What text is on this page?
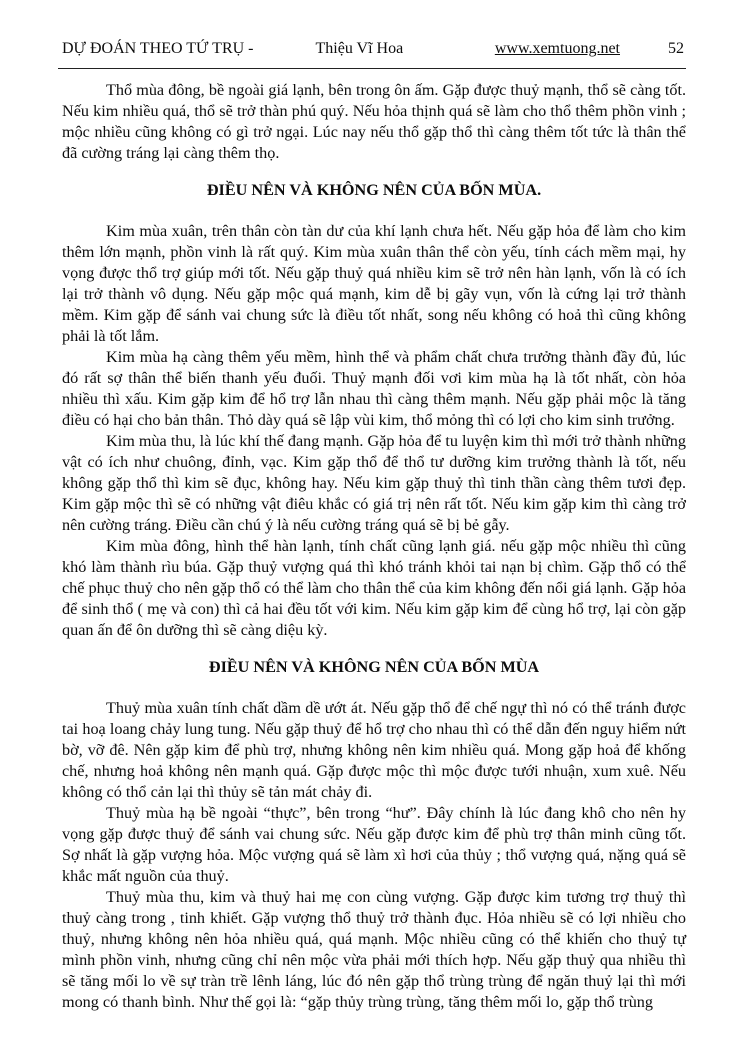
DỰ ĐOÁN THEO TỨ TRỤ -	Thiệu Vĩ Hoa	www.xemtuong.net	52

Thổ mùa đông, bề ngoài giá lạnh, bên trong ôn ấm. Gặp được thuỷ mạnh, thổ sẽ càng tốt. Nếu kim nhiều quá, thổ sẽ trở thàn phú quý. Nếu hỏa thịnh quá sẽ làm cho thổ thêm phồn vinh ; mộc nhiều cũng không có gì trở ngại. Lúc nay nếu thổ gặp thổ thì càng thêm tốt tức là thân thể đã cường tráng lại càng thêm thọ.

ĐIỀU NÊN VÀ KHÔNG NÊN CỦA BỐN MÙA.

Kim mùa xuân, trên thân còn tàn dư của khí lạnh chưa hết. Nếu gặp hỏa để làm cho kim thêm lớn mạnh, phồn vinh là rất quý. Kim mùa xuân thân thể còn yếu, tính cách mềm mại, hy vọng được thổ trợ giúp mới tốt. Nếu gặp thuỷ quá nhiều kim sẽ trở nên hàn lạnh, vốn là có ích lại trở thành vô dụng. Nếu gặp mộc quá mạnh, kim dễ bị gãy vụn, vốn là cứng lại trở thành mềm. Kim gặp để sánh vai chung sức là điều tốt nhất, song nếu không có hoả thì cũng không phải là tốt lắm.

Kim mùa hạ càng thêm yếu mềm, hình thể và phẩm chất chưa trưởng thành đầy đủ, lúc đó rất sợ thân thể biến thanh yếu đuối. Thuỷ mạnh đối vơi kim mùa hạ là tốt nhất, còn hỏa nhiều thì xấu. Kim gặp kim để hổ trợ lẫn nhau thì càng thêm mạnh. Nếu gặp phải mộc là tăng điều có hại cho bản thân. Thỏ dày quá sẽ lập vùi kim, thổ mỏng thì có lợi cho kim sinh trưởng.

Kim mùa thu, là lúc khí thế đang mạnh. Gặp hỏa để tu luyện kim thì mới trở thành những vật có ích như chuông, đỉnh, vạc. Kim gặp thổ để thổ tư dưỡng kim trưởng thành là tốt, nếu không gặp thổ thì kim sẽ đục, không hay. Nếu kim gặp thuỷ thì tinh thần càng thêm tươi đẹp. Kim gặp mộc thì sẽ có những vật điêu khắc có giá trị nên rất tốt. Nếu kim gặp kim thì càng trở nên cường tráng. Điều cần chú ý là nếu cường tráng quá sẽ bị bẻ gẫy.

Kim mùa đông, hình thể hàn lạnh, tính chất cũng lạnh giá. nếu gặp mộc nhiều thì cũng khó làm thành rìu búa. Gặp thuỷ vượng quá thì khó tránh khỏi tai nạn bị chìm. Gặp thổ có thể chế phục thuỷ cho nên gặp thổ có thể làm cho thân thể của kim không đến nổi giá lạnh. Gặp hỏa để sinh thổ ( mẹ và con) thì cả hai đều tốt với kim. Nếu kim gặp kim để cùng hổ trợ, lại còn gặp quan ấn để ôn dưỡng thì sẽ càng diệu kỳ.

ĐIỀU NÊN VÀ KHÔNG NÊN CỦA BỐN MÙA

Thuỷ mùa xuân tính chất dầm dề ướt át. Nếu gặp thổ để chế ngự thì nó có thể tránh được tai hoạ loang chảy lung tung. Nếu gặp thuỷ để hổ trợ cho nhau thì có thể dẫn đến nguy hiểm nứt bờ, vỡ đê. Nên gặp kim để phù trợ, nhưng không nên kim nhiều quá. Mong gặp hoả để khống chế, nhưng hoả không nên mạnh quá. Gặp được mộc thì mộc được tưới nhuận, xum xuê. Nếu không có thổ cản lại thì thủy sẽ tản mát chảy đi.

Thuỷ mùa hạ bề ngoài “thực”, bên trong “hư”. Đây chính là lúc đang khô cho nên hy vọng gặp được thuỷ để sánh vai chung sức. Nếu gặp được kim để phù trợ thân minh cũng tốt. Sợ nhất là gặp vượng hỏa. Mộc vượng quá sẽ làm xì hơi của thủy ; thổ vượng quá, nặng quá sẽ khắc mất nguồn của thuỷ.

Thuỷ mùa thu, kim và thuỷ hai mẹ con cùng vượng. Gặp được kim tương trợ thuỷ thì thuỷ càng trong , tinh khiết. Gặp vượng thổ thuỷ trở thành đục. Hỏa nhiều sẽ có lợi nhiều cho thuỷ, nhưng không nên hỏa nhiều quá, quá mạnh. Mộc nhiều cũng có thể khiến cho thuỷ tự mình phồn vinh, nhưng cũng chỉ nên mộc vừa phải mới thích hợp. Nếu gặp thuỷ qua nhiều thì sẽ tăng mối lo về sự tràn trề lênh láng, lúc đó nên gặp thổ trùng trùng để ngăn thuỷ lại thì mới mong có thanh bình. Như thế gọi là: “gặp thủy trùng trùng, tăng thêm mối lo, gặp thổ trùng
